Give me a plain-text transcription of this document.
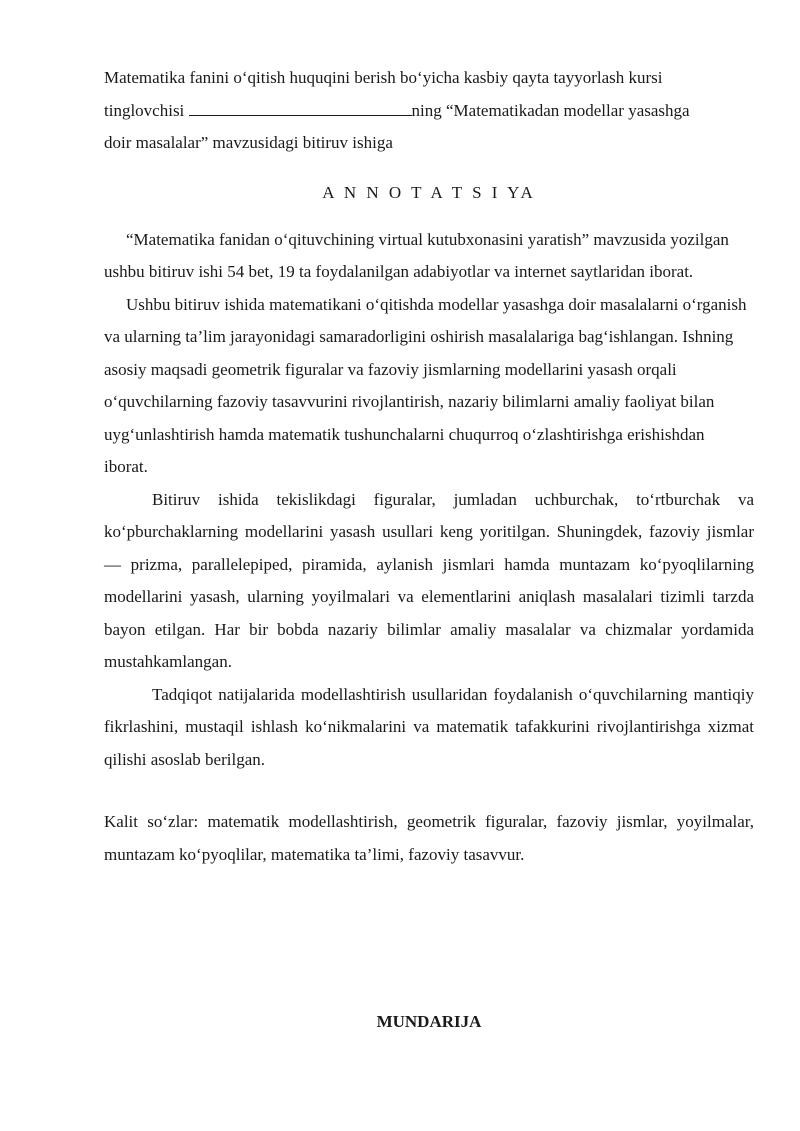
Matematika fanini o‘qitish huquqini berish bo‘yicha kasbiy qayta tayyorlash kursi

tinglovchisi	ning “Matematikadan modellar yasashga

doir masalalar” mavzusidagi bitiruv ishiga

A N N O T A T S I YA

“Matematika fanidan o‘qituvchining virtual kutubxonasini yaratish” mavzusida yozilgan ushbu bitiruv ishi 54 bet, 19 ta foydalanilgan adabiyotlar va internet saytlaridan iborat.

Ushbu bitiruv ishida matematikani o‘qitishda modellar yasashga doir masalalarni o‘rganish va ularning ta’lim jarayonidagi samaradorligini oshirish masalalariga bag‘ishlangan. Ishning asosiy maqsadi geometrik figuralar va fazoviy jismlarning modellarini yasash orqali o‘quvchilarning fazoviy tasavvurini rivojlantirish, nazariy bilimlarni amaliy faoliyat bilan uyg‘unlashtirish hamda matematik tushunchalarni chuqurroq o‘zlashtirishga erishishdan iborat.

Bitiruv ishida tekislikdagi figuralar, jumladan uchburchak, to‘rtburchak va ko‘pburchaklarning modellarini yasash usullari keng yoritilgan. Shuningdek, fazoviy jismlar — prizma, parallelepiped, piramida, aylanish jismlari hamda muntazam ko‘pyoqlilarning modellarini yasash, ularning yoyilmalari va elementlarini aniqlash masalalari tizimli tarzda bayon etilgan. Har bir bobda nazariy bilimlar amaliy masalalar va chizmalar yordamida mustahkamlangan.

Tadqiqot natijalarida modellashtirish usullaridan foydalanish o‘quvchilarning mantiqiy fikrlashini, mustaqil ishlash ko‘nikmalarini va matematik tafakkurini rivojlantirishga xizmat qilishi asoslab berilgan.

Kalit so‘zlar: matematik modellashtirish, geometrik figuralar, fazoviy jismlar, yoyilmalar, muntazam ko‘pyoqlilar, matematika ta’limi, fazoviy tasavvur.

MUNDARIJA
